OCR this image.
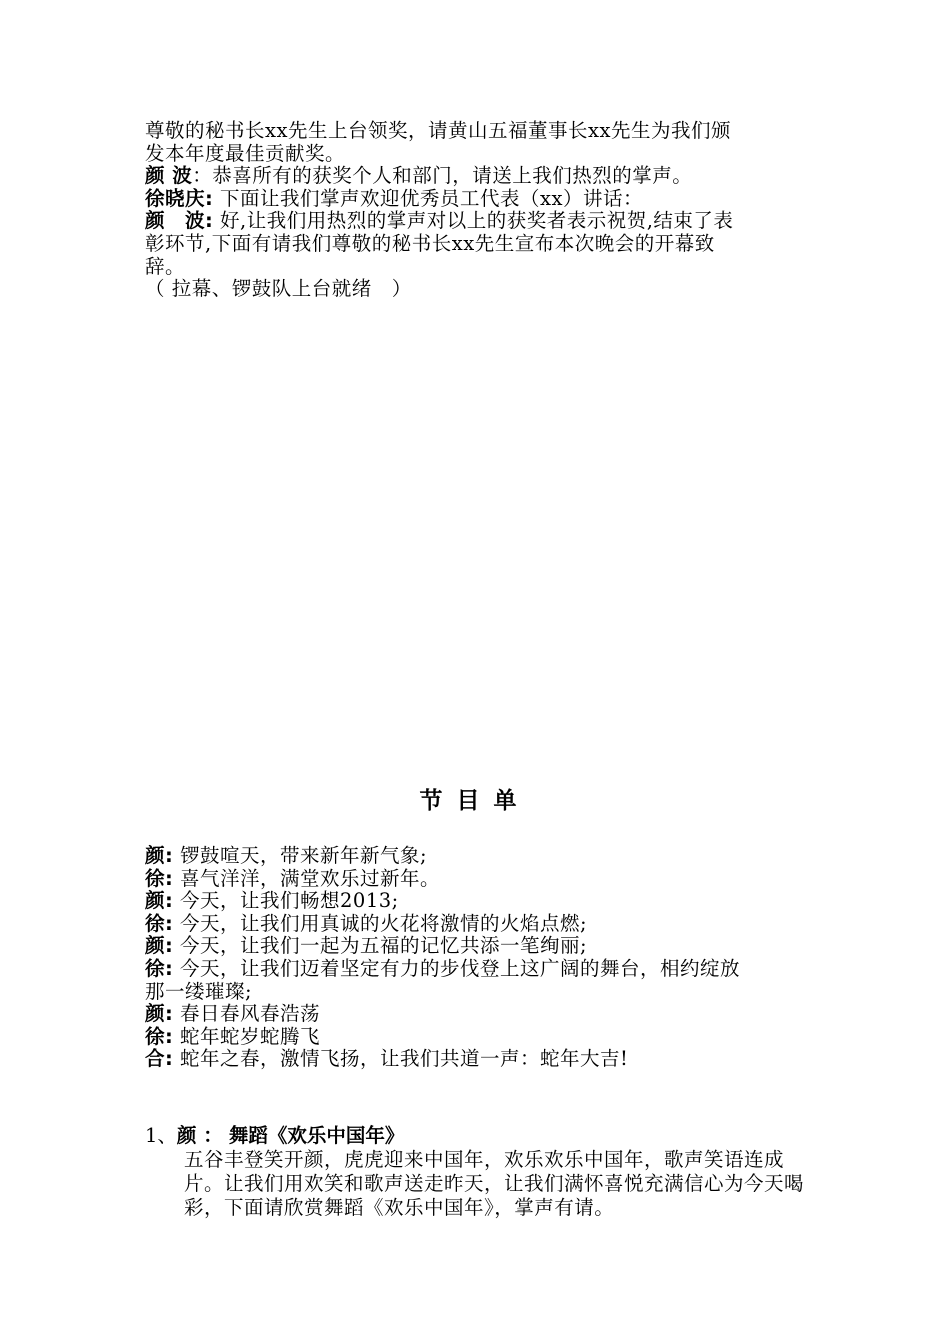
尊敬的秘书长xx先生上台领奖，请黄山五福董事长xx先生为我们颁
发本年度最佳贡献奖。
颜 波：恭喜所有的获奖个人和部门，请送上我们热烈的掌声。
徐晓庆: 下面让我们掌声欢迎优秀员工代表（xx）讲话：
颜　波: 好,让我们用热烈的掌声对以上的获奖者表示祝贺,结束了表
彰环节,下面有请我们尊敬的秘书长xx先生宣布本次晚会的开幕致
辞。
（ 拉幕、锣鼓队上台就绪　）
节目单
颜: 锣鼓喧天，带来新年新气象;
徐: 喜气洋洋，满堂欢乐过新年。
颜: 今天，让我们畅想2013;
徐: 今天，让我们用真诚的火花将激情的火焰点燃;
颜: 今天，让我们一起为五福的记忆共添一笔绚丽;
徐: 今天，让我们迈着坚定有力的步伐登上这广阔的舞台，相约绽放
那一缕璀璨;
颜: 春日春风春浩荡
徐: 蛇年蛇岁蛇腾飞
合: 蛇年之春，激情飞扬，让我们共道一声：蛇年大吉!
1、颜 ： 舞蹈《欢乐中国年》
五谷丰登笑开颜，虎虎迎来中国年，欢乐欢乐中国年，歌声笑语连成片。让我们用欢笑和歌声送走昨天，让我们满怀喜悦充满信心为今天喝彩，下面请欣赏舞蹈《欢乐中国年》，掌声有请。
